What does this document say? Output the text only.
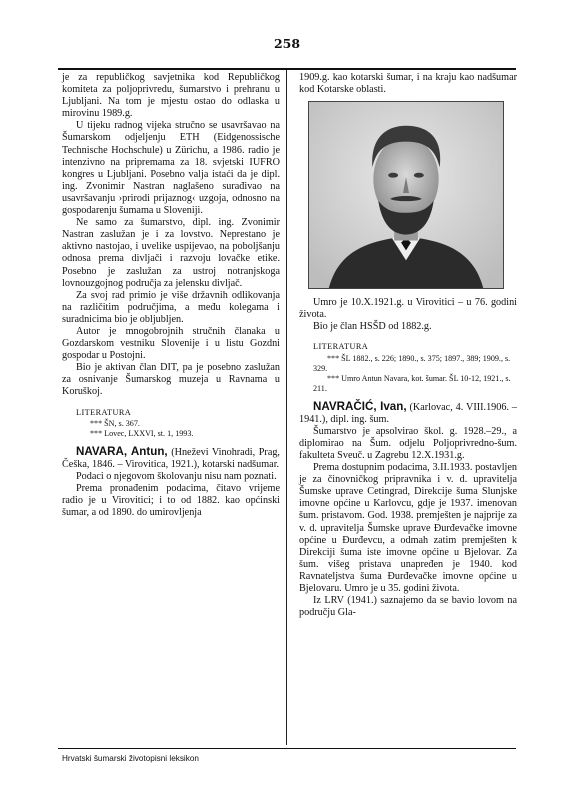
258

je za republičkog savjetnika kod Republičkog komiteta za poljoprivredu, šumarstvo i prehranu u Ljubljani. Na tom je mjestu ostao do odlaska u mirovinu 1989.g.

U tijeku radnog vijeka stručno se usavršavao na Šumarskom odjeljenju ETH (Eidgenossische Technische Hochschule) u Zürichu, a 1986. radio je intenzivno na pripremama za 18. svjetski IUFRO kongres u Ljubljani. Posebno valja istaći da je dipl. ing. Zvonimir Nastran naglašeno surađivao na usavršavanju ›prirodi prijaznog‹ uzgoja, odnosno na gospodarenju šumama u Sloveniji.

Ne samo za šumarstvo, dipl. ing. Zvonimir Nastran zaslužan je i za lovstvo. Neprestano je aktivno nastojao, i uvelike uspijevao, na poboljšanju odnosa prema divljači i razvoju lovačke etike. Posebno je zaslužan za ustroj notranjskoga lovnouzgojnog područja za jelensku divljač.

Za svoj rad primio je više državnih odlikovanja na različitim područjima, a među kolegama i suradnicima bio je obljubljen.

Autor je mnogobrojnih stručnih članaka u Gozdarskom vestniku Slovenije i u listu Gozdni gospodar u Postojni.

Bio je aktivan član DIT, pa je posebno zaslužan za osnivanje Šumarskog muzeja u Ravnama u Koruškoj.

LITERATURA

*** ŠN, s. 367.

*** Lovec, LXXVI, st. 1, 1993.

NAVARA, Antun, (Hneževi Vinohradi, Prag, Češka, 1846. – Virovitica, 1921.), kotarski nadšumar.

Podaci o njegovom školovanju nisu nam poznati.

Prema pronađenim podacima, čitavo vrijeme radio je u Virovitici; i to od 1882. kao općinski šumar, a od 1890. do umirovljenja

1909.g. kao kotarski šumar, i na kraju kao nadšumar kod Kotarske oblasti.

Umro je 10.X.1921.g. u Virovitici – u 76. godini života.

Bio je član HSŠD od 1882.g.

LITERATURA

*** ŠL 1882., s. 226; 1890., s. 375; 1897., 389; 1909., s. 329.

*** Umro Antun Navara, kot. šumar. ŠL 10-12, 1921., s. 211.

NAVRAČIĆ, Ivan, (Karlovac, 4. VIII.1906. – 1941.), dipl. ing. šum.

Šumarstvo je apsolvirao škol. g. 1928.–29., a diplomirao na Šum. odjelu Poljoprivredno-šum. fakulteta Sveuč. u Zagrebu 12.X.1931.g.

Prema dostupnim podacima, 3.II.1933. postavljen je za činovničkog pripravnika i v. d. upravitelja Šumske uprave Cetingrad, Direkcije šuma Slunjske imovne općine u Karlovcu, gdje je 1937. imenovan šum. pristavom. God. 1938. premješten je najprije za v. d. upravitelja Šumske uprave Đurđevačke imovne općine u Đurđevcu, a odmah zatim premješten k Direkciji šuma iste imovne općine u Bjelovar. Za šum. višeg pristava unapređen je 1940. kod Ravnateljstva šuma Đurđevačke imovne općine u Bjelovaru. Umro je u 35. godini života.

Iz LRV (1941.) saznajemo da se bavio lovom na području Gla-

Hrvatski šumarski životopisni leksikon
